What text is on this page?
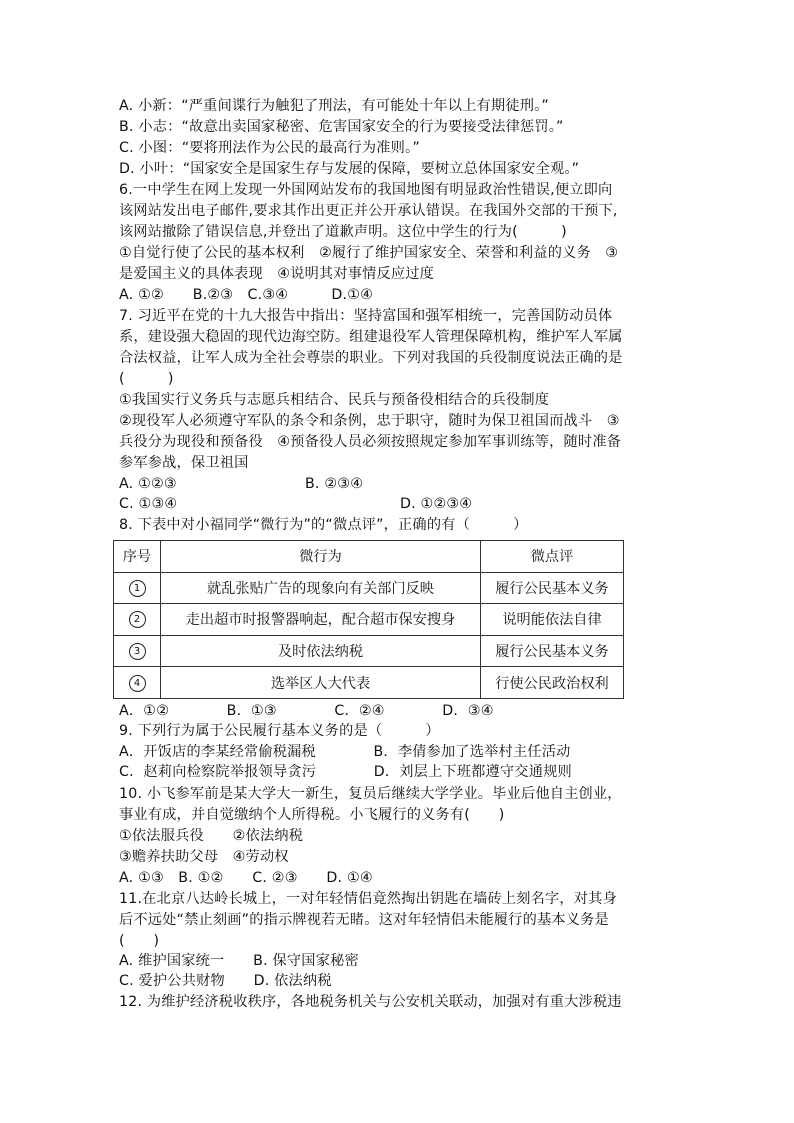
A. 小新：“严重间谍行为触犯了刑法，有可能处十年以上有期徒刑。”
B. 小志：“故意出卖国家秘密、危害国家安全的行为要接受法律惩罚。”
C. 小图：“要将刑法作为公民的最高行为准则。”
D. 小叶：“国家安全是国家生存与发展的保障，要树立总体国家安全观。”
6.一中学生在网上发现一外国网站发布的我国地图有明显政治性错误,便立即向
该网站发出电子邮件,要求其作出更正并公开承认错误。在我国外交部的干预下,
该网站撤除了错误信息,并登出了道歉声明。这位中学生的行为(　　　)
①自觉行使了公民的基本权利　②履行了维护国家安全、荣誉和利益的义务　③
是爱国主义的具体表现　④说明其对事情反应过度
A. ①②　　B.②③　C.③④　　　D.①④
7. 习近平在党的十九大报告中指出：坚持富国和强军相统一，完善国防动员体
系，建设强大稳固的现代边海空防。组建退役军人管理保障机构，维护军人军属
合法权益，让军人成为全社会尊崇的职业。下列对我国的兵役制度说法正确的是
(　　　)
①我国实行义务兵与志愿兵相结合、民兵与预备役相结合的兵役制度
②现役军人必须遵守军队的条令和条例，忠于职守，随时为保卫祖国而战斗　③
兵役分为现役和预备役　④预备役人员必须按照规定参加军事训练等，随时准备
参军参战，保卫祖国
A. ①②③	B. ②③④
C. ①③④	D. ①②③④
8. 下表中对小福同学“微行为”的“微点评”，正确的有（　　　）
序号	微行为	微点评
1	就乱张贴广告的现象向有关部门反映	履行公民基本义务
2	走出超市时报警器响起，配合超市保安搜身	说明能依法自律
3	及时依法纳税	履行公民基本义务
4	选举区人大代表	行使公民政治权利
A．①②　　　　B．①③　　　　C．②④　　　　D．③④
9. 下列行为属于公民履行基本义务的是（　　　）
A．开饭店的李某经常偷税漏税　　　　B．李倩参加了选举村主任活动
C．赵莉向检察院举报领导贪污　　　　D．刘层上下班都遵守交通规则
10. 小飞参军前是某大学大一新生，复员后继续大学学业。毕业后他自主创业，
事业有成，并自觉缴纳个人所得税。小飞履行的义务有(　　)
①依法服兵役　　②依法纳税
③赡养扶助父母　④劳动权
A. ①③　B. ①②　　C. ②③　　D. ①④
11.在北京八达岭长城上，一对年轻情侣竟然掏出钥匙在墙砖上刻名字，对其身
后不远处“禁止刻画”的指示牌视若无睹。这对年轻情侣未能履行的基本义务是
(　　)
A. 维护国家统一　　B. 保守国家秘密
C. 爱护公共财物　　D. 依法纳税
12. 为维护经济税收秩序，各地税务机关与公安机关联动，加强对有重大涉税违
